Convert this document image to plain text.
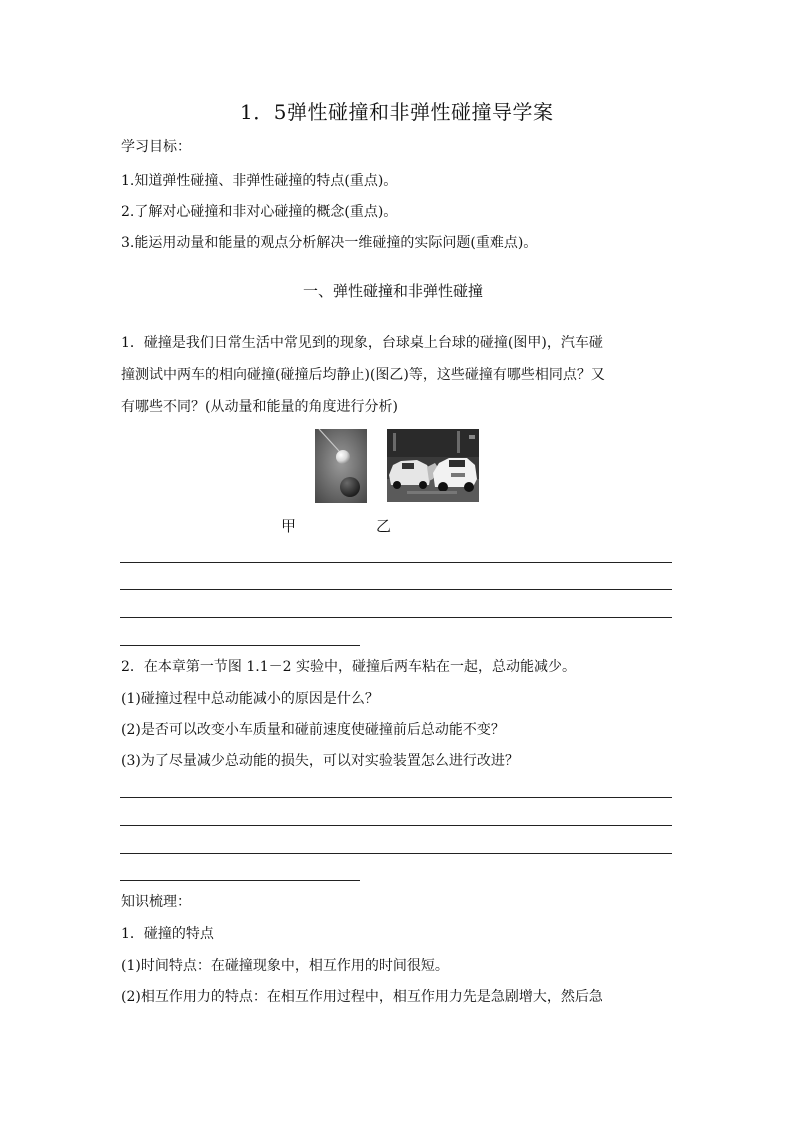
1．5弹性碰撞和非弹性碰撞导学案
学习目标：
1.知道弹性碰撞、非弹性碰撞的特点(重点)。
2.了解对心碰撞和非对心碰撞的概念(重点)。
3.能运用动量和能量的观点分析解决一维碰撞的实际问题(重难点)。
一、弹性碰撞和非弹性碰撞
1．碰撞是我们日常生活中常见到的现象，台球桌上台球的碰撞(图甲)，汽车碰
撞测试中两车的相向碰撞(碰撞后均静止)(图乙)等，这些碰撞有哪些相同点？又
有哪些不同？(从动量和能量的角度进行分析)
甲	乙
2．在本章第一节图 1.1－2 实验中，碰撞后两车粘在一起，总动能减少。
(1)碰撞过程中总动能减小的原因是什么？
(2)是否可以改变小车质量和碰前速度使碰撞前后总动能不变？
(3)为了尽量减少总动能的损失，可以对实验装置怎么进行改进？
知识梳理：
1．碰撞的特点
(1)时间特点：在碰撞现象中，相互作用的时间很短。
(2)相互作用力的特点：在相互作用过程中，相互作用力先是急剧增大，然后急
